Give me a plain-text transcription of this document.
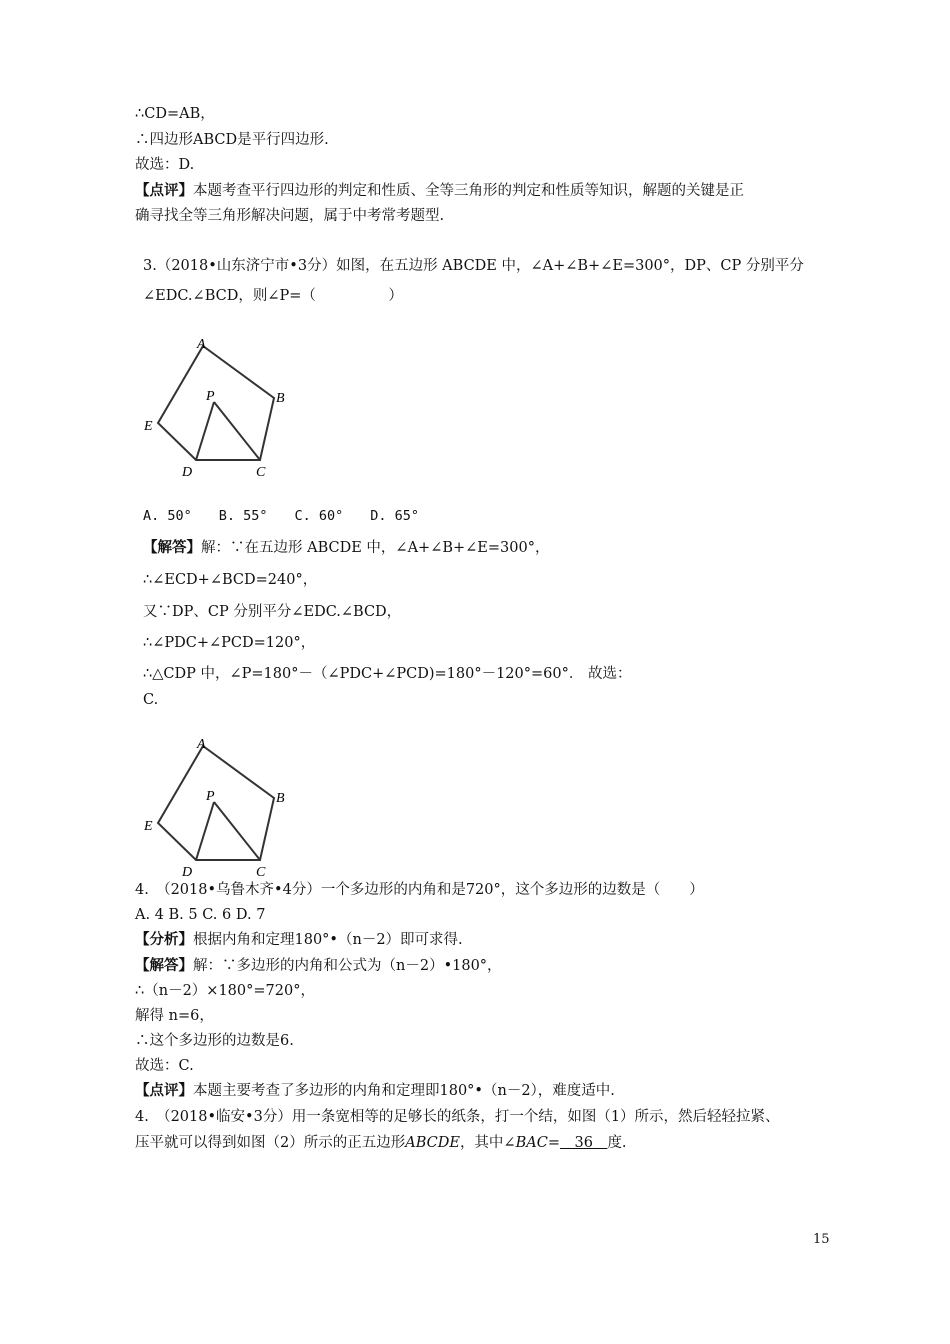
∴CD=AB，
∴四边形ABCD是平行四边形.
故选：D.
【点评】本题考查平行四边形的判定和性质、全等三角形的判定和性质等知识，解题的关键是正
确寻找全等三角形解决问题，属于中考常考题型.
3.（2018•山东济宁市•3分）如图，在五边形 ABCDE 中，∠A+∠B+∠E=300°，DP、CP 分别平分
∠EDC.∠BCD，则∠P=（　　　　　）
A
B
C
D
E
P
A. 50°　　B. 55°　　C. 60°　　D. 65°
【解答】解：∵在五边形 ABCDE 中，∠A+∠B+∠E=300°，
∴∠ECD+∠BCD=240°，
又∵DP、CP 分别平分∠EDC.∠BCD，
∴∠PDC+∠PCD=120°，
∴△CDP 中，∠P=180°－（∠PDC+∠PCD)=180°－120°=60°． 故选：
C.
A
B
C
D
E
P
4.　（2018•乌鲁木齐•4分）一个多边形的内角和是720°，这个多边形的边数是（　　）
A. 4 B. 5 C. 6 D. 7
【分析】根据内角和定理180°•（n－2）即可求得.
【解答】解：∵多边形的内角和公式为（n－2）•180°，
∴（n－2）×180°=720°，
解得 n=6，
∴这个多边形的边数是6.
故选：C.
【点评】本题主要考查了多边形的内角和定理即180°•（n－2），难度适中.
4.　（2018•临安•3分）用一条宽相等的足够长的纸条，打一个结，如图（1）所示，然后轻轻拉紧、
压平就可以得到如图（2）所示的正五边形ABCDE，其中∠BAC=　36　度.
15
